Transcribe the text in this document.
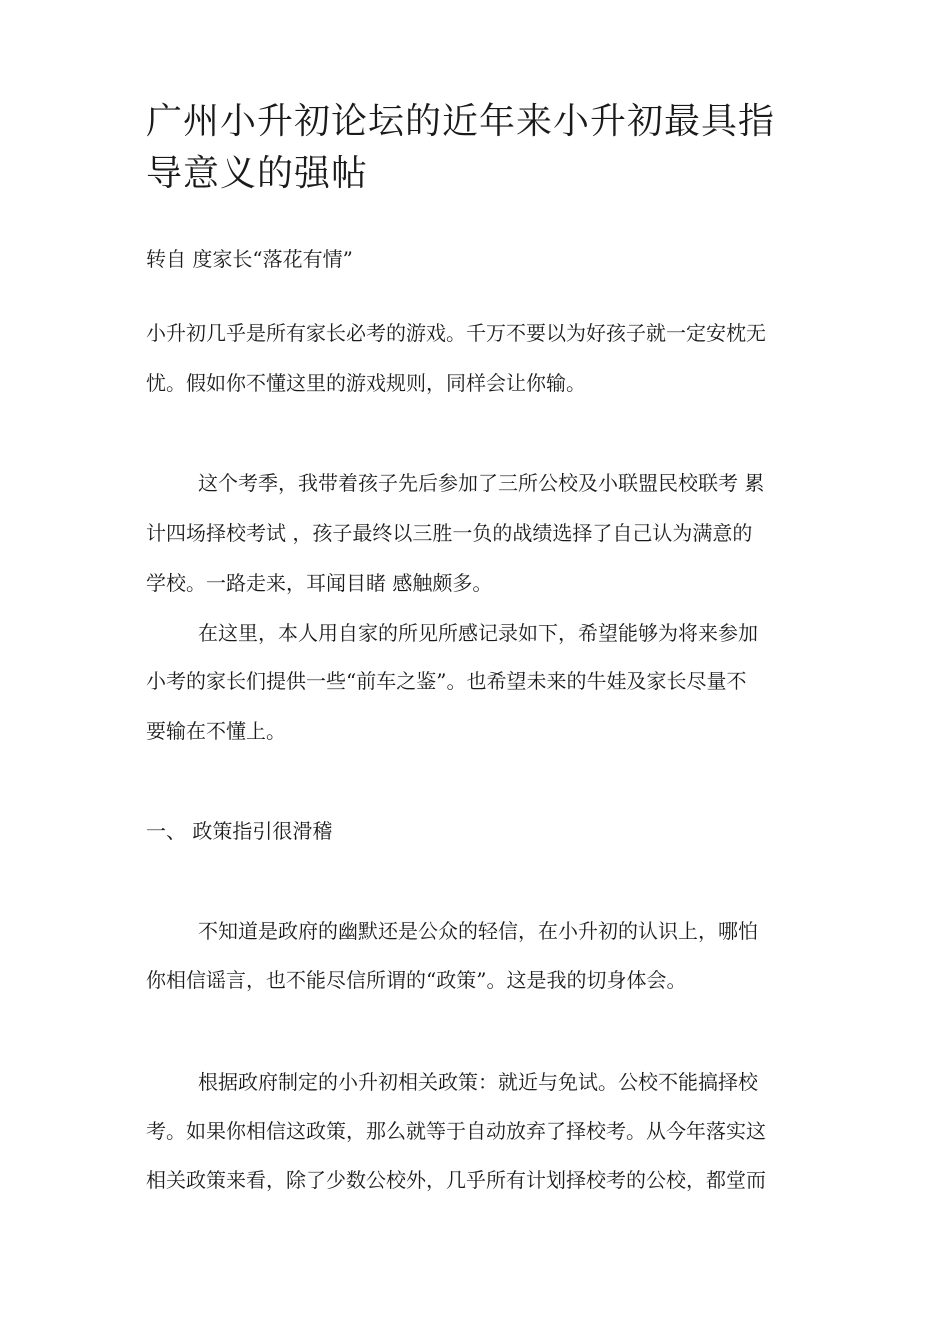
广州小升初论坛的近年来小升初最具指
导意义的强帖
转自 度家长“落花有情”
小升初几乎是所有家长必考的游戏。千万不要以为好孩子就一定安枕无
忧。假如你不懂这里的游戏规则，同样会让你输。
这个考季，我带着孩子先后参加了三所公校及小联盟民校联考 累
计四场择校考试 ，孩子最终以三胜一负的战绩选择了自己认为满意的
学校。一路走来，耳闻目睹 感触颇多。
在这里，本人用自家的所见所感记录如下，希望能够为将来参加
小考的家长们提供一些“前车之鉴”。也希望未来的牛娃及家长尽量不
要输在不懂上。
一、 政策指引很滑稽
不知道是政府的幽默还是公众的轻信，在小升初的认识上，哪怕
你相信谣言，也不能尽信所谓的“政策”。这是我的切身体会。
根据政府制定的小升初相关政策：就近与免试。公校不能搞择校
考。如果你相信这政策，那么就等于自动放弃了择校考。从今年落实这
相关政策来看，除了少数公校外，几乎所有计划择校考的公校，都堂而
